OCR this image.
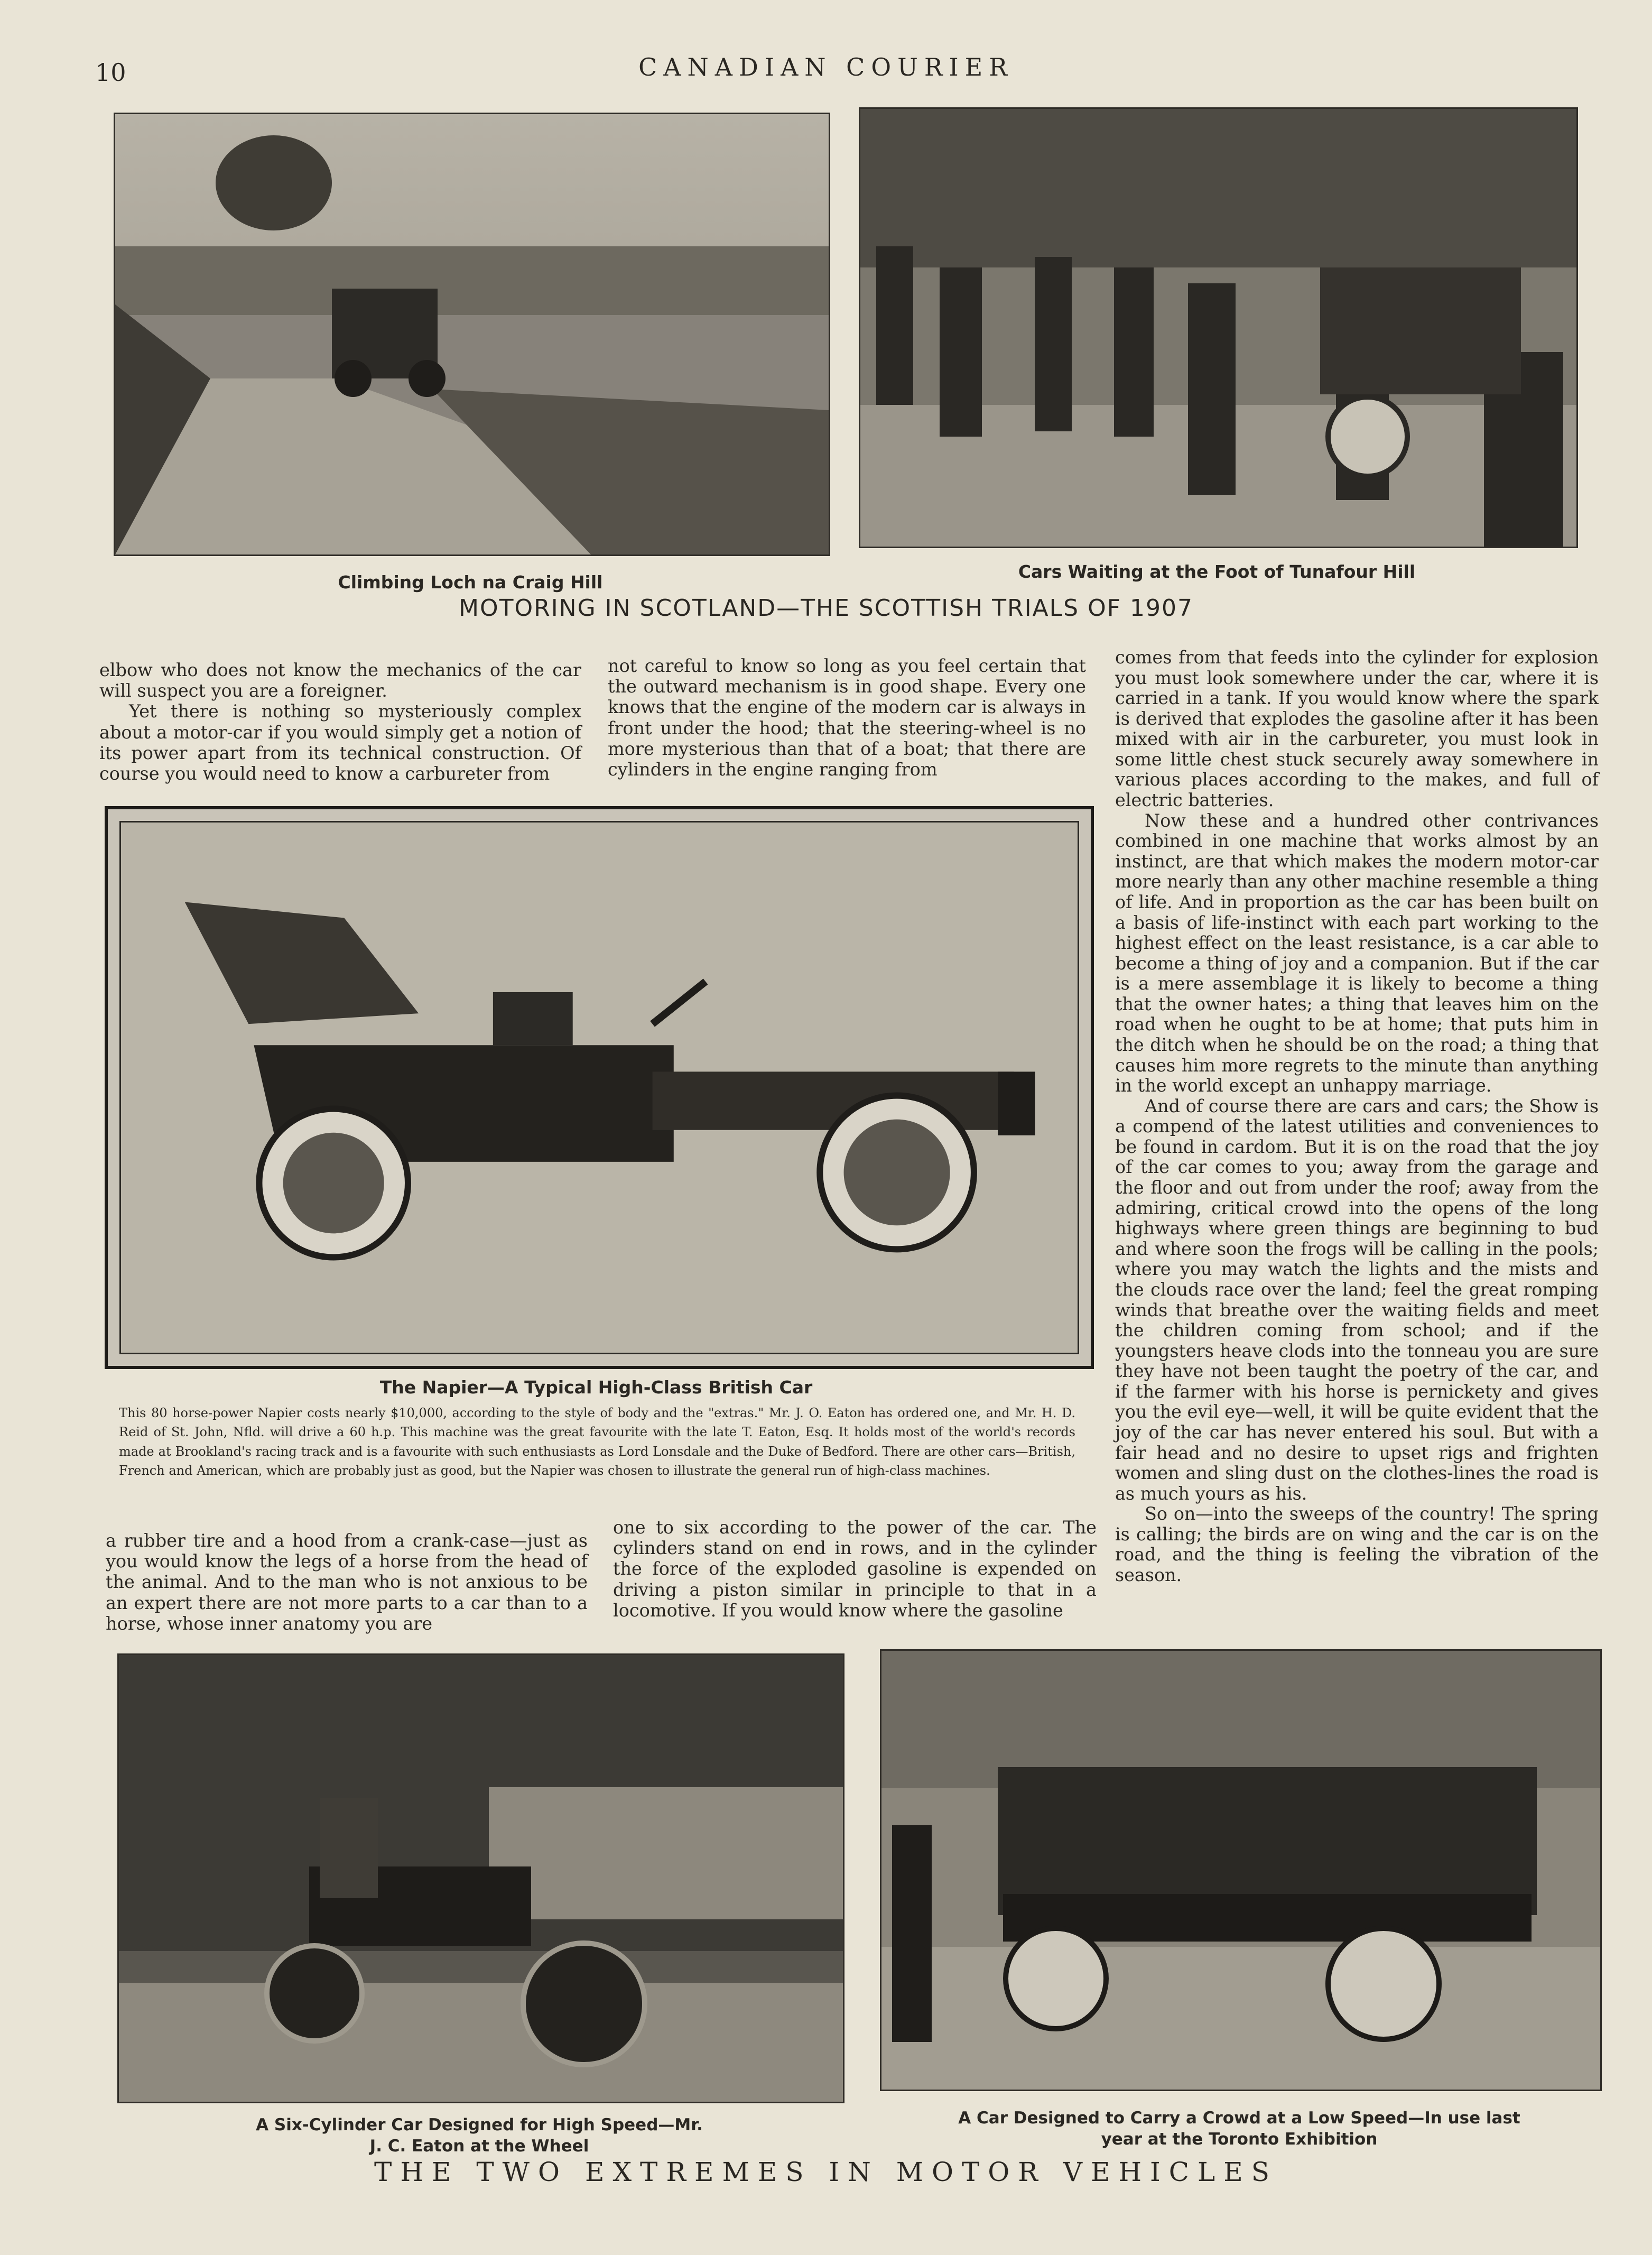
10	CANADIAN COURIER
Climbing Loch na Craig Hill
Cars Waiting at the Foot of Tunafour Hill
MOTORING IN SCOTLAND—THE SCOTTISH TRIALS OF 1907

elbow who does not know the mechanics of the car will suspect you are a foreigner.

Yet there is nothing so mysteriously complex about a motor-car if you would simply get a notion of its power apart from its technical construction. Of course you would need to know a carbureter from

not careful to know so long as you feel certain that the outward mechanism is in good shape. Every one knows that the engine of the modern car is always in front under the hood; that the steering-wheel is no more mysterious than that of a boat; that there are cylinders in the engine ranging from

comes from that feeds into the cylinder for explosion you must look somewhere under the car, where it is carried in a tank. If you would know where the spark is derived that explodes the gasoline after it has been mixed with air in the carbureter, you must look in some little chest stuck securely away somewhere in various places according to the makes, and full of electric batteries.

Now these and a hundred other contrivances combined in one machine that works almost by an instinct, are that which makes the modern motor-car more nearly than any other machine resemble a thing of life. And in proportion as the car has been built on a basis of life-instinct with each part working to the highest effect on the least resistance, is a car able to become a thing of joy and a companion. But if the car is a mere assemblage it is likely to become a thing that the owner hates; a thing that leaves him on the road when he ought to be at home; that puts him in the ditch when he should be on the road; a thing that causes him more regrets to the minute than anything in the world except an unhappy marriage.

And of course there are cars and cars; the Show is a compend of the latest utilities and conveniences to be found in cardom. But it is on the road that the joy of the car comes to you; away from the garage and the floor and out from under the roof; away from the admiring, critical crowd into the opens of the long highways where green things are beginning to bud and where soon the frogs will be calling in the pools; where you may watch the lights and the mists and the clouds race over the land; feel the great romping winds that breathe over the waiting fields and meet the children coming from school; and if the youngsters heave clods into the tonneau you are sure they have not been taught the poetry of the car, and if the farmer with his horse is pernickety and gives you the evil eye—well, it will be quite evident that the joy of the car has never entered his soul. But with a fair head and no desire to upset rigs and frighten women and sling dust on the clothes-lines the road is as much yours as his.

So on—into the sweeps of the country! The spring is calling; the birds are on wing and the car is on the road, and the thing is feeling the vibration of the season.

The Napier—A Typical High-Class British Car
This 80 horse-power Napier costs nearly $10,000, according to the style of body and the "extras." Mr. J. O. Eaton has ordered one, and Mr. H. D. Reid of St. John, Nfld. will drive a 60 h.p. This machine was the great favourite with the late T. Eaton, Esq. It holds most of the world's records made at Brookland's racing track and is a favourite with such enthusiasts as Lord Lonsdale and the Duke of Bedford. There are other cars—British, French and American, which are probably just as good, but the Napier was chosen to illustrate the general run of high-class machines.

a rubber tire and a hood from a crank-case—just as you would know the legs of a horse from the head of the animal. And to the man who is not anxious to be an expert there are not more parts to a car than to a horse, whose inner anatomy you are

one to six according to the power of the car. The cylinders stand on end in rows, and in the cylinder the force of the exploded gasoline is expended on driving a piston similar in principle to that in a locomotive. If you would know where the gasoline

A Six-Cylinder Car Designed for High Speed—Mr.
J. C. Eaton at the Wheel
A Car Designed to Carry a Crowd at a Low Speed—In use last
year at the Toronto Exhibition
THE TWO EXTREMES IN MOTOR VEHICLES
